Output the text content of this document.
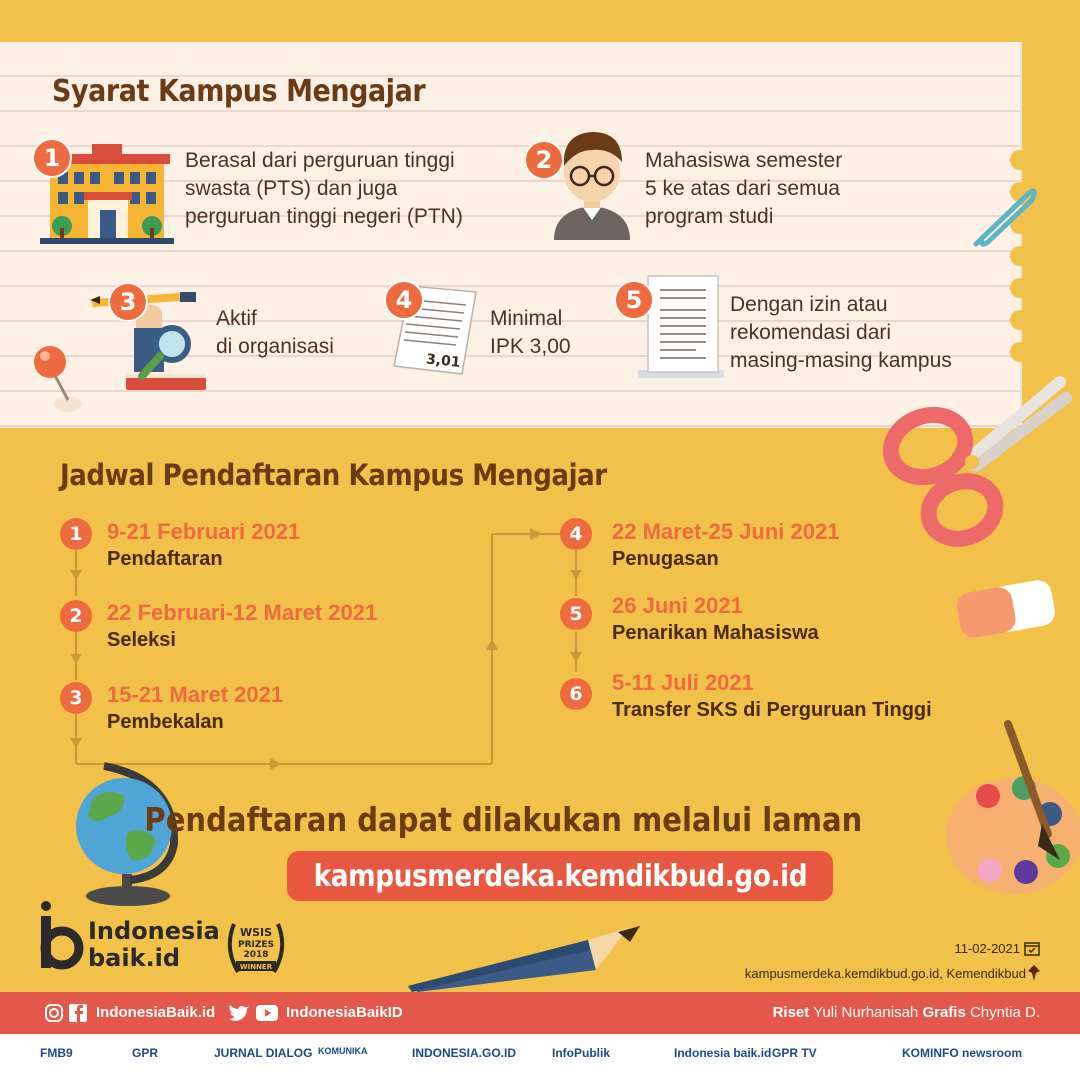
Syarat Kampus Mengajar
1	Berasal dari perguruan tinggi
swasta (PTS) dan juga
perguruan tinggi negeri (PTN)
2	Mahasiswa semester
5 ke atas dari semua
program studi
3
Aktif
di organisasi
3,01
4
Minimal
IPK 3,00
5	Dengan izin atau
rekomendasi dari
masing-masing kampus
Jadwal Pendaftaran Kampus Mengajar
1	9-21 Februari 2021
Pendaftaran
2	22 Februari-12 Maret 2021
Seleksi
3	15-21 Maret 2021
Pembekalan
4	22 Maret-25 Juni 2021
Penugasan
5	26 Juni 2021
Penarikan Mahasiswa
6	5-11 Juli 2021
Transfer SKS di Perguruan Tinggi
Pendaftaran dapat dilakukan melalui laman
kampusmerdeka.kemdikbud.go.id
Indonesia
baik.id
WSIS
PRIZES
2018
WINNER
11-02-2021
kampusmerdeka.kemdikbud.go.id, Kemendikbud
IndonesiaBaik.id	IndonesiaBaikID	Riset Yuli Nurhanisah Grafis Chyntia D.
FMB9	GPR	JURNAL DIALOG KOMUNIKA	INDONESIA.GO.ID	InfoPublik	Indonesia baik.id GPR TV	KOMINFO newsroom
